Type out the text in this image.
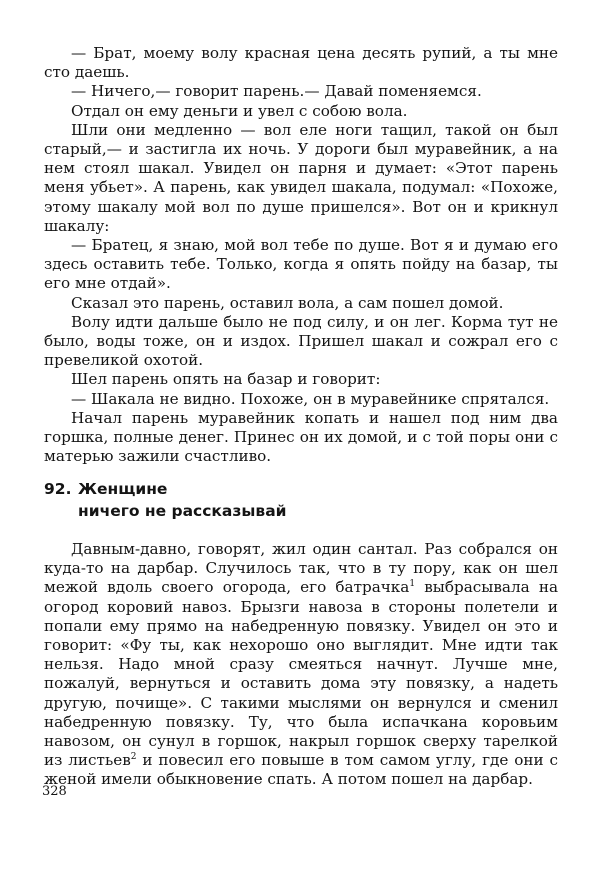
— Брат, моему волу красная цена десять рупий, а ты мне сто даешь.

— Ничего,— говорит парень.— Давай поменяемся.

Отдал он ему деньги и увел с собою вола.

Шли они медленно — вол еле ноги тащил, такой он был старый,— и застигла их ночь. У дороги был муравейник, а на нем стоял шакал. Увидел он парня и думает: «Этот парень меня убьет». А парень, как увидел шакала, подумал: «Похоже, этому шакалу мой вол по душе пришелся». Вот он и крикнул шакалу:

— Братец, я знаю, мой вол тебе по душе. Вот я и думаю его здесь оставить тебе. Только, когда я опять пойду на базар, ты его мне отдай».

Сказал это парень, оставил вола, а сам пошел домой.

Волу идти дальше было не под силу, и он лег. Корма тут не было, воды тоже, он и издох. Пришел шакал и сожрал его с превеликой охотой.

Шел парень опять на базар и говорит:

— Шакала не видно. Похоже, он в муравейнике спрятался.

Начал парень муравейник копать и нашел под ним два горшка, полные денег. Принес он их домой, и с той поры они с матерью зажили счастливо.

92. Женщине
ничего не рассказывай

Давным-давно, говорят, жил один сантал. Раз собрался он куда-то на дарбар. Случилось так, что в ту пору, как он шел межой вдоль своего огорода, его батрачка$^1$ выбрасывала на огород коровий навоз. Брызги навоза в стороны полетели и попали ему прямо на набедренную повязку. Увидел он это и говорит: «Фу ты, как нехорошо оно выглядит. Мне идти так нельзя. Надо мной сразу смеяться начнут. Лучше мне, пожалуй, вернуться и оставить дома эту повязку, а надеть другую, почище». С такими мыслями он вернулся и сменил набедренную повязку. Ту, что была испачкана коровьим навозом, он сунул в горшок, накрыл горшок сверху тарелкой из листьев$^2$ и повесил его повыше в том самом углу, где они с женой имели обыкновение спать. А потом пошел на дарбар.

328
